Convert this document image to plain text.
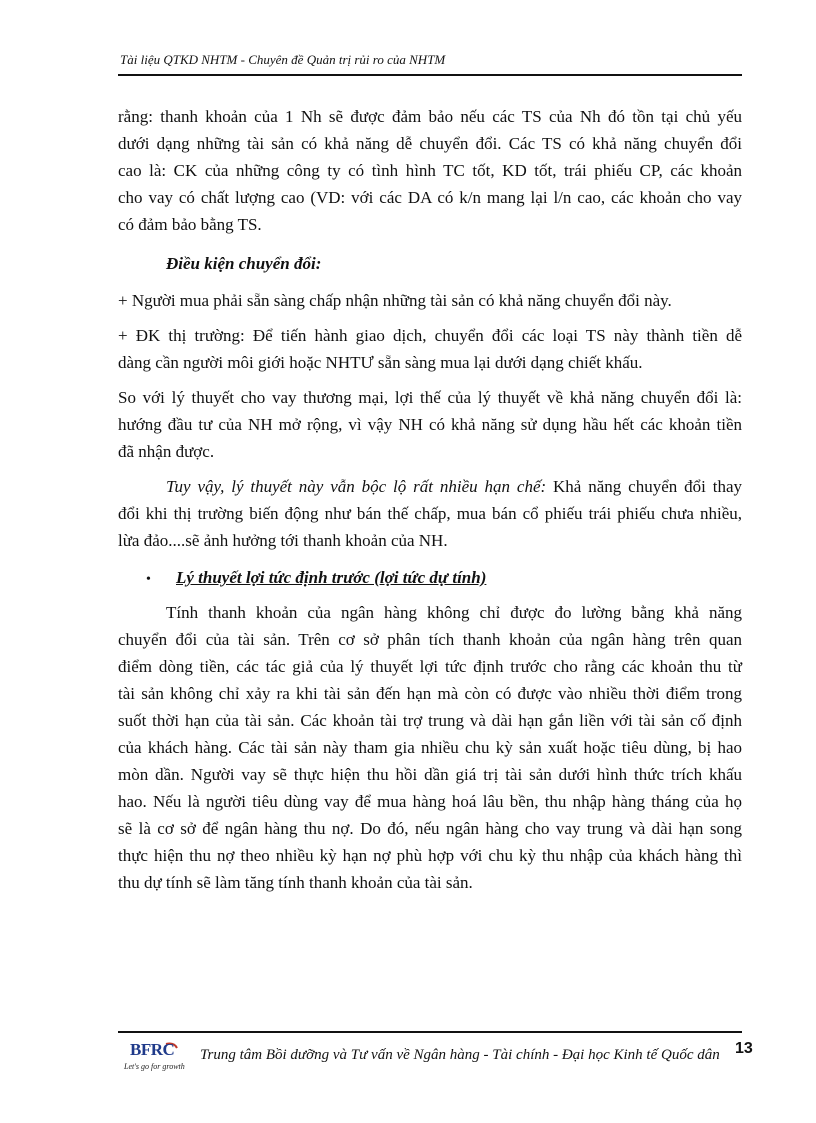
Tài liệu QTKD NHTM - Chuyên đề Quản trị rủi ro của NHTM

rằng: thanh khoản của 1 Nh sẽ được đảm bảo nếu các TS của Nh đó tồn tại chủ yếu
dưới dạng những tài sản có khả năng dễ chuyển đổi. Các TS có khả năng chuyển đổi
cao là: CK của những công ty có tình hình TC tốt, KD tốt, trái phiếu CP, các khoản
cho vay có chất lượng cao (VD: với các DA có k/n mang lại l/n cao, các khoản cho vay
có đảm bảo bằng TS.

Điều kiện chuyển đổi:

+ Người mua phải sẵn sàng chấp nhận những tài sản có khả năng chuyển đổi này.

+ ĐK thị trường: Để tiến hành giao dịch, chuyển đổi các loại TS này thành tiền dễ
dàng cần người môi giới hoặc NHTƯ sẵn sàng mua lại dưới dạng chiết khấu.

So với lý thuyết cho vay thương mại, lợi thế của lý thuyết về khả năng chuyển đổi là:
hướng đầu tư của NH mở rộng, vì vậy NH có khả năng sử dụng hầu hết các khoản tiền
đã nhận được.

Tuy vậy, lý thuyết này vẫn bộc lộ rất nhiều hạn chế: Khả năng chuyển đổi thay
đổi khi thị trường biến động như bán thế chấp, mua bán cổ phiếu trái phiếu chưa nhiều,
lừa đảo....sẽ ảnh hưởng tới thanh khoản của NH.

•	Lý thuyết lợi tức định trước (lợi tức dự tính)

Tính thanh khoản của ngân hàng không chỉ được đo lường bằng khả năng
chuyển đổi của tài sản. Trên cơ sở phân tích thanh khoản của ngân hàng trên quan
điểm dòng tiền, các tác giả của lý thuyết lợi tức định trước cho rằng các khoản thu từ
tài sản không chỉ xảy ra khi tài sản đến hạn mà còn có được vào nhiều thời điểm trong
suốt thời hạn của tài sản. Các khoản tài trợ trung và dài hạn gắn liền với tài sản cố định
của khách hàng. Các tài sản này tham gia nhiều chu kỳ sản xuất hoặc tiêu dùng, bị hao
mòn dần. Người vay sẽ thực hiện thu hồi dần giá trị tài sản dưới hình thức trích khấu
hao. Nếu là người tiêu dùng vay để mua hàng hoá lâu bền, thu nhập hàng tháng của họ
sẽ là cơ sở để ngân hàng thu nợ. Do đó, nếu ngân hàng cho vay trung và dài hạn song
thực hiện thu nợ theo nhiều kỳ hạn nợ phù hợp với chu kỳ thu nhập của khách hàng thì
thu dự tính sẽ làm tăng tính thanh khoản của tài sản.

BFRC
Let's go for growth
Trung tâm Bồi dưỡng và Tư vấn về Ngân hàng - Tài chính - Đại học Kinh tế Quốc dân 13
